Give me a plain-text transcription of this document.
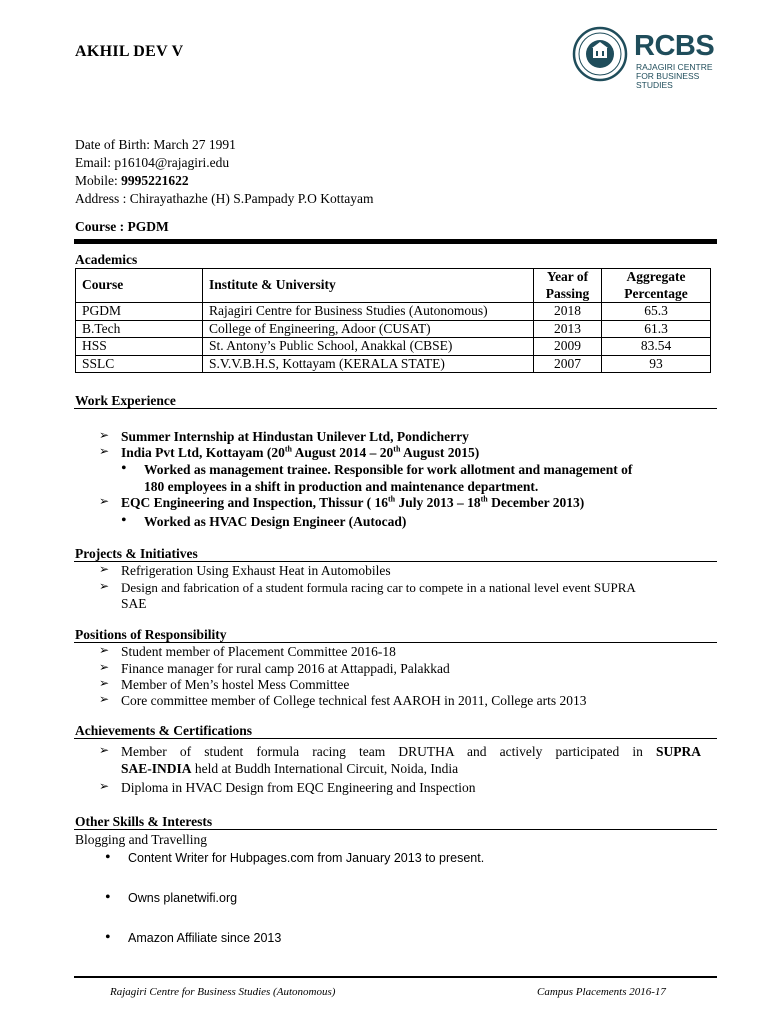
AKHIL DEV V	RCBS
RAJAGIRI CENTRE FOR BUSINESS STUDIES
Date of Birth: March 27 1991
Email: p16104@rajagiri.edu
Mobile: 9995221622
Address : Chirayathazhe (H) S.Pampady P.O Kottayam
Course : PGDM
Academics
Course	Institute & University	Year of Passing	Aggregate Percentage
PGDM	Rajagiri Centre for Business Studies (Autonomous)	2018	65.3
B.Tech	College of Engineering, Adoor (CUSAT)	2013	61.3
HSS	St. Antony’s Public School, Anakkal (CBSE)	2009	83.54
SSLC	S.V.V.B.H.S, Kottayam (KERALA STATE)	2007	93
Work Experience
➢ Summer Internship at Hindustan Unilever Ltd, Pondicherry
➢ India Pvt Ltd, Kottayam (20th August 2014 – 20th August 2015)
• Worked as management trainee. Responsible for work allotment and management of
180 employees in a shift in production and maintenance department.
➢ EQC Engineering and Inspection, Thissur ( 16th July 2013 – 18th December 2013)
• Worked as HVAC Design Engineer (Autocad)
Projects & Initiatives
➢ Refrigeration Using Exhaust Heat in Automobiles
➢ Design and fabrication of a student formula racing car to compete in a national level event SUPRA
SAE
Positions of Responsibility
➢ Student member of Placement Committee 2016-18
➢ Finance manager for rural camp 2016 at Attappadi, Palakkad
➢ Member of Men’s hostel Mess Committee
➢ Core committee member of College technical fest AAROH in 2011, College arts 2013
Achievements & Certifications
➢ Member of student formula racing team DRUTHA and actively participated in SUPRA
SAE-INDIA held at Buddh International Circuit, Noida, India
➢ Diploma in HVAC Design from EQC Engineering and Inspection
Other Skills & Interests
Blogging and Travelling
• Content Writer for Hubpages.com from January 2013 to present.
• Owns planetwifi.org
• Amazon Affiliate since 2013
Rajagiri Centre for Business Studies (Autonomous)	Campus Placements 2016-17
